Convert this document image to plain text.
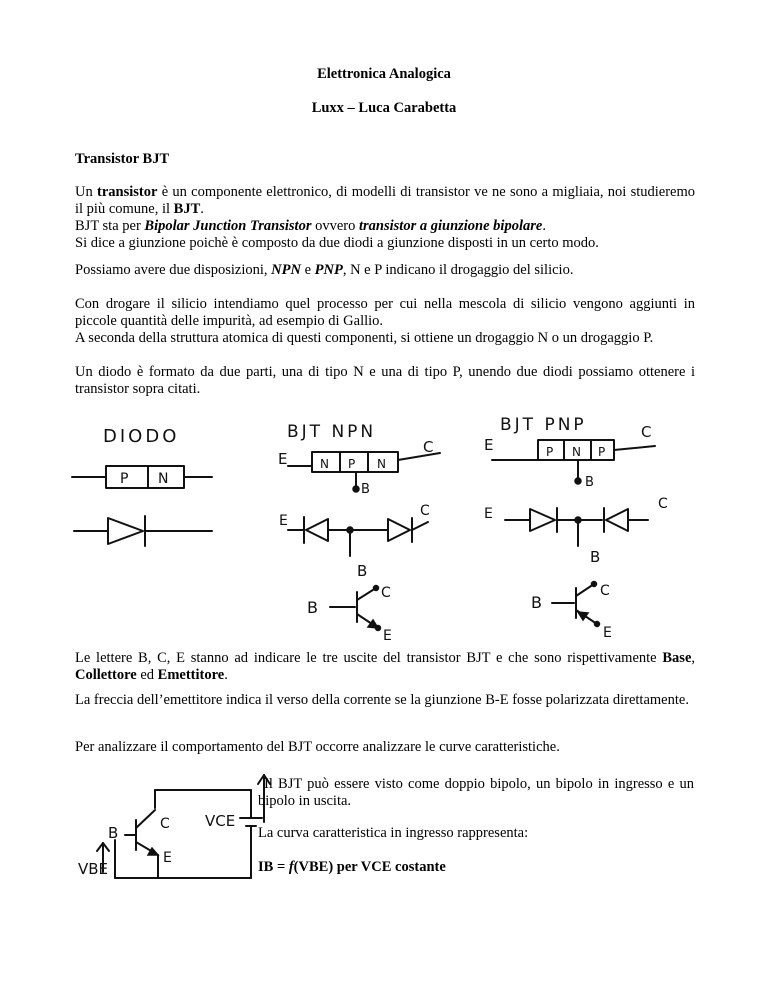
Elettronica Analogica
Luxx – Luca Carabetta
Transistor BJT
Un transistor è un componente elettronico, di modelli di transistor ve ne sono a migliaia, noi studieremo il più comune, il BJT.
BJT sta per Bipolar Junction Transistor ovvero transistor a giunzione bipolare.
Si dice a giunzione poichè è composto da due diodi a giunzione disposti in un certo modo.
Possiamo avere due disposizioni, NPN e PNP, N e P indicano il drogaggio del silicio.
Con drogare il silicio intendiamo quel processo per cui nella mescola di silicio vengono aggiunti in piccole quantità delle impurità, ad esempio di Gallio.
A seconda della struttura atomica di questi componenti, si ottiene un drogaggio N o un drogaggio P.
Un diodo è formato da due parti, una di tipo N e una di tipo P, unendo due diodi possiamo ottenere i transistor sopra citati.
DIODO
P N
BJT NPN
E
C
N P N
B
E
C
B
B
C
E
BJT PNP
E
C
P N P
B
E
C
B
B
C
E
VCE
B	C
E
VBE
Le lettere B, C, E stanno ad indicare le tre uscite del transistor BJT e che sono rispettivamente Base, Collettore ed Emettitore.
La freccia dell’emettitore indica il verso della corrente se la giunzione B-E fosse polarizzata direttamente.
Per analizzare il comportamento del BJT occorre analizzare le curve caratteristiche.
Il BJT può essere visto come doppio bipolo, un bipolo in ingresso e un bipolo in uscita.
La curva caratteristica in ingresso rappresenta:
IB = f(VBE) per VCE costante
